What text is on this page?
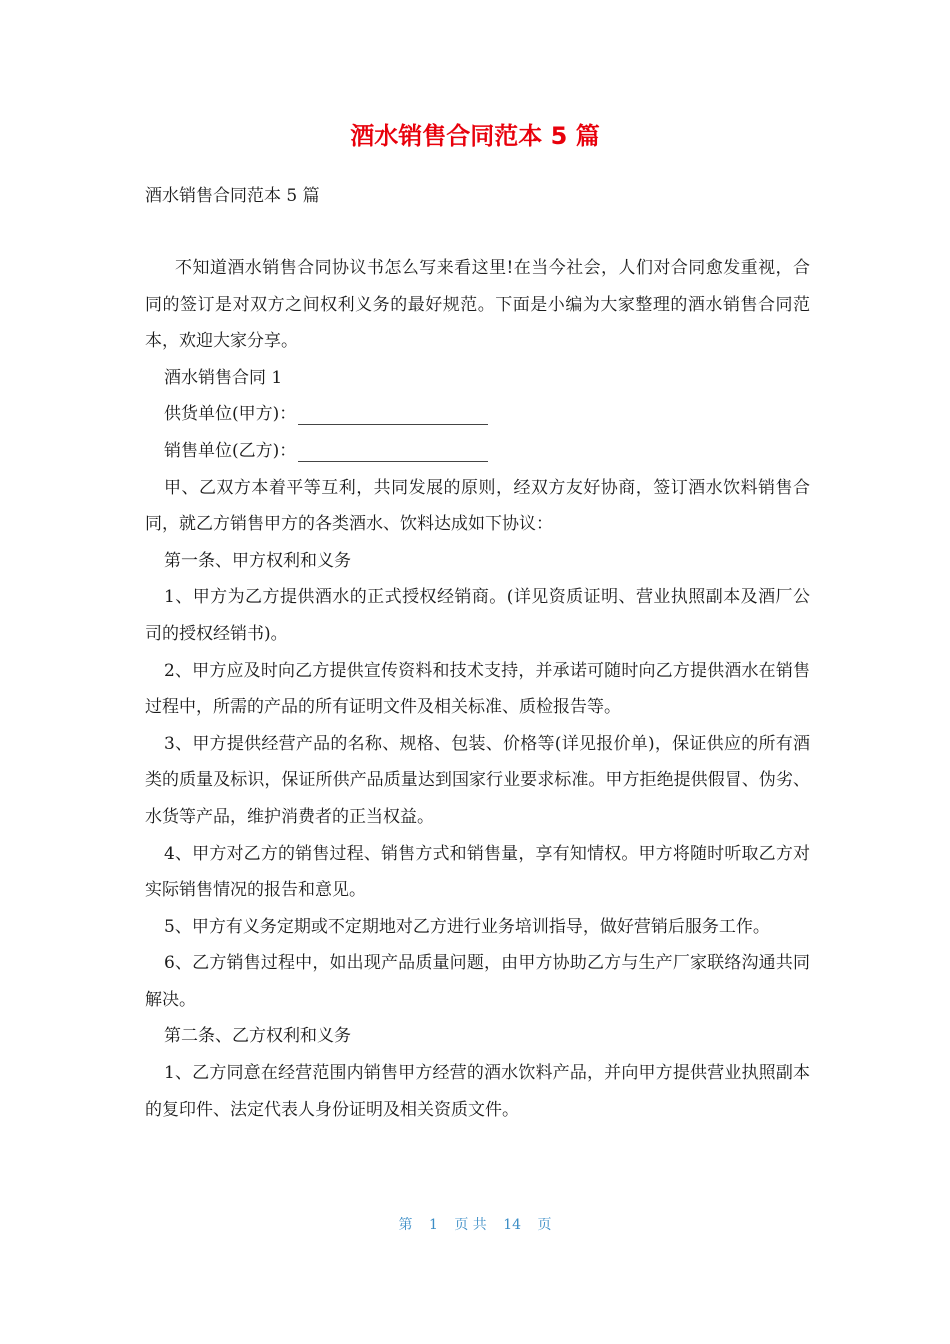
酒水销售合同范本 5 篇
酒水销售合同范本 5 篇

不知道酒水销售合同协议书怎么写来看这里!在当今社会，人们对合同愈发重视，合同的签订是对双方之间权利义务的最好规范。下面是小编为大家整理的酒水销售合同范本，欢迎大家分享。

酒水销售合同 1

供货单位(甲方)：

销售单位(乙方)：

甲、乙双方本着平等互利，共同发展的原则，经双方友好协商，签订酒水饮料销售合同，就乙方销售甲方的各类酒水、饮料达成如下协议：

第一条、甲方权利和义务

1、甲方为乙方提供酒水的正式授权经销商。(详见资质证明、营业执照副本及酒厂公司的授权经销书)。

2、甲方应及时向乙方提供宣传资料和技术支持，并承诺可随时向乙方提供酒水在销售过程中，所需的产品的所有证明文件及相关标准、质检报告等。

3、甲方提供经营产品的名称、规格、包装、价格等(详见报价单)，保证供应的所有酒类的质量及标识，保证所供产品质量达到国家行业要求标准。甲方拒绝提供假冒、伪劣、水货等产品，维护消费者的正当权益。

4、甲方对乙方的销售过程、销售方式和销售量，享有知情权。甲方将随时听取乙方对实际销售情况的报告和意见。

5、甲方有义务定期或不定期地对乙方进行业务培训指导，做好营销后服务工作。

6、乙方销售过程中，如出现产品质量问题，由甲方协助乙方与生产厂家联络沟通共同解决。

第二条、乙方权利和义务

1、乙方同意在经营范围内销售甲方经营的酒水饮料产品，并向甲方提供营业执照副本的复印件、法定代表人身份证明及相关资质文件。

第 1 页 共 14 页
